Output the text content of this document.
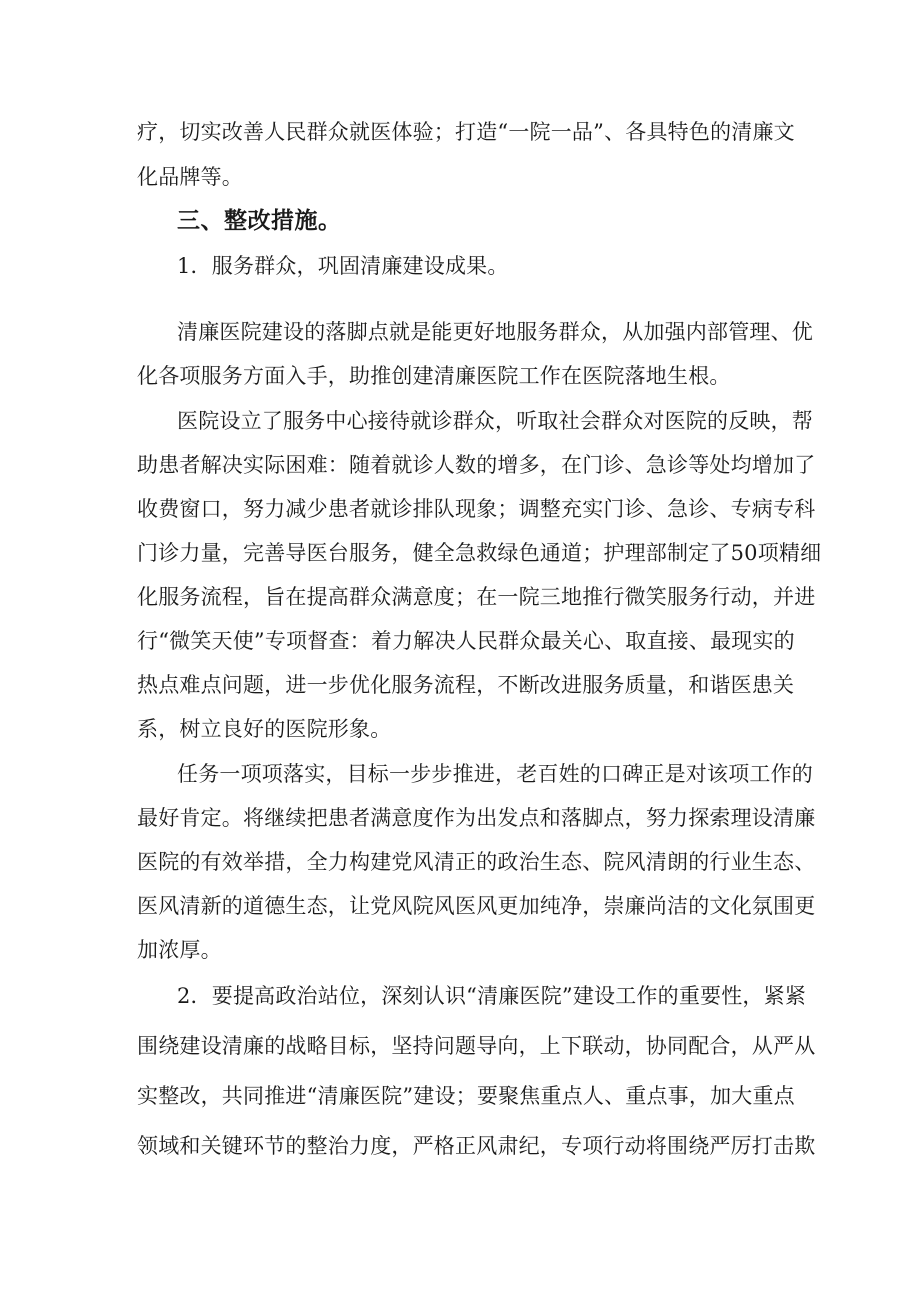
疗，切实改善人民群众就医体验；打造“一院一品”、各具特色的清廉文
化品牌等。
三、整改措施。
1．服务群众，巩固清廉建设成果。
清廉医院建设的落脚点就是能更好地服务群众，从加强内部管理、优
化各项服务方面入手，助推创建清廉医院工作在医院落地生根。
医院设立了服务中心接待就诊群众，听取社会群众对医院的反映，帮
助患者解决实际困难：随着就诊人数的增多，在门诊、急诊等处均增加了
收费窗口，努力减少患者就诊排队现象；调整充实门诊、急诊、专病专科
门诊力量，完善导医台服务，健全急救绿色通道；护理部制定了50项精细
化服务流程，旨在提高群众满意度；在一院三地推行微笑服务行动，并进
行“微笑天使”专项督查：着力解决人民群众最关心、取直接、最现实的
热点难点问题，进一步优化服务流程，不断改进服务质量，和谐医患关
系，树立良好的医院形象。
任务一项项落实，目标一步步推进，老百姓的口碑正是对该项工作的
最好肯定。将继续把患者满意度作为出发点和落脚点，努力探索理设清廉
医院的有效举措，全力构建党风清正的政治生态、院风清朗的行业生态、
医风清新的道德生态，让党风院风医风更加纯净，崇廉尚洁的文化氛围更
加浓厚。
2．要提高政治站位，深刻认识“清廉医院”建设工作的重要性，紧紧
围绕建设清廉的战略目标，坚持问题导向，上下联动，协同配合，从严从
实整改，共同推进“清廉医院”建设；要聚焦重点人、重点事，加大重点
领域和关键环节的整治力度，严格正风肃纪，专项行动将围绕严厉打击欺
